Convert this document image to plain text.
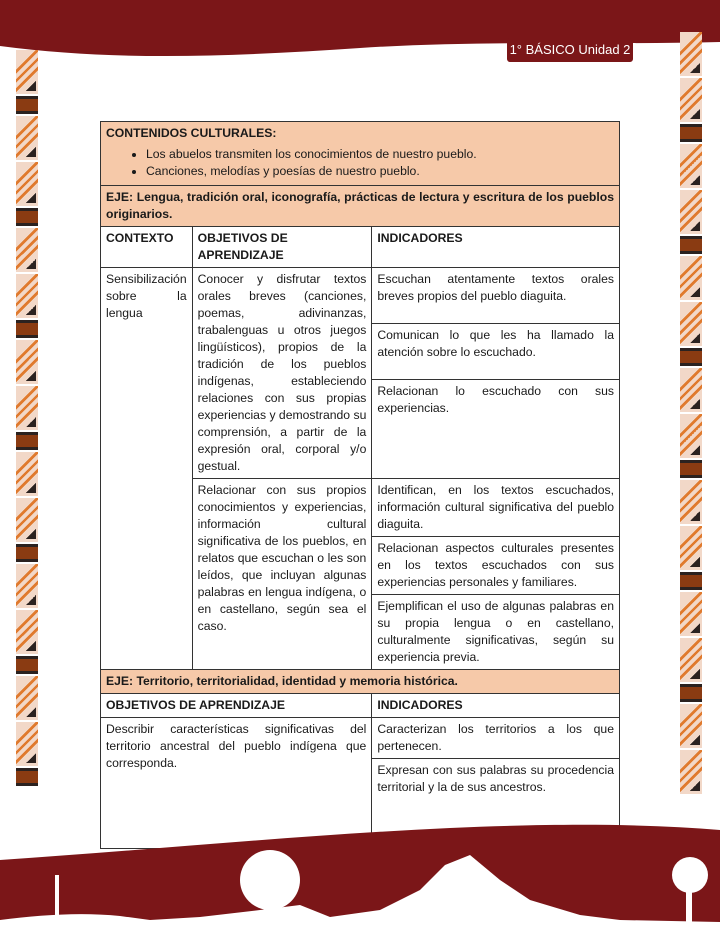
1° BÁSICO Unidad 2
CONTENIDOS CULTURALES:
• Los abuelos transmiten los conocimientos de nuestro pueblo.
• Canciones, melodías y poesías de nuestro pueblo.

EJE: Lengua, tradición oral, iconografía, prácticas de lectura y escritura de los pueblos originarios.		
CONTEXTO	OBJETIVOS DE APRENDIZAJE	INDICADORES
Sensibilización sobre la lengua	Conocer y disfrutar textos orales breves (canciones, poemas, adivinanzas, trabalenguas u otros juegos lingüísticos), propios de la tradición de los pueblos indígenas, estableciendo relaciones con sus propias experiencias y demostrando su comprensión, a partir de la expresión oral, corporal y/o gestual.	Escuchan atentamente textos orales breves propios del pueblo diaguita.
		Comunican lo que les ha llamado la atención sobre lo escuchado.
		Relacionan lo escuchado con sus experiencias.
	Relacionar con sus propios conocimientos y experiencias, información cultural significativa de los pueblos, en relatos que escuchan o les son leídos, que incluyan algunas palabras en lengua indígena, o en castellano, según sea el caso.	Identifican, en los textos escuchados, información cultural significativa del pueblo diaguita.
		Relacionan aspectos culturales presentes en los textos escuchados con sus experiencias personales y familiares.
		Ejemplifican el uso de algunas palabras en su propia lengua o en castellano, culturalmente significativas, según su experiencia previa.
EJE: Territorio, territorialidad, identidad y memoria histórica.		
OBJETIVOS DE APRENDIZAJE		INDICADORES
Describir características significativas del territorio ancestral del pueblo indígena que corresponda.		Caracterizan los territorios a los que pertenecen.
		Expresan con sus palabras su procedencia territorial y la de sus ancestros.
